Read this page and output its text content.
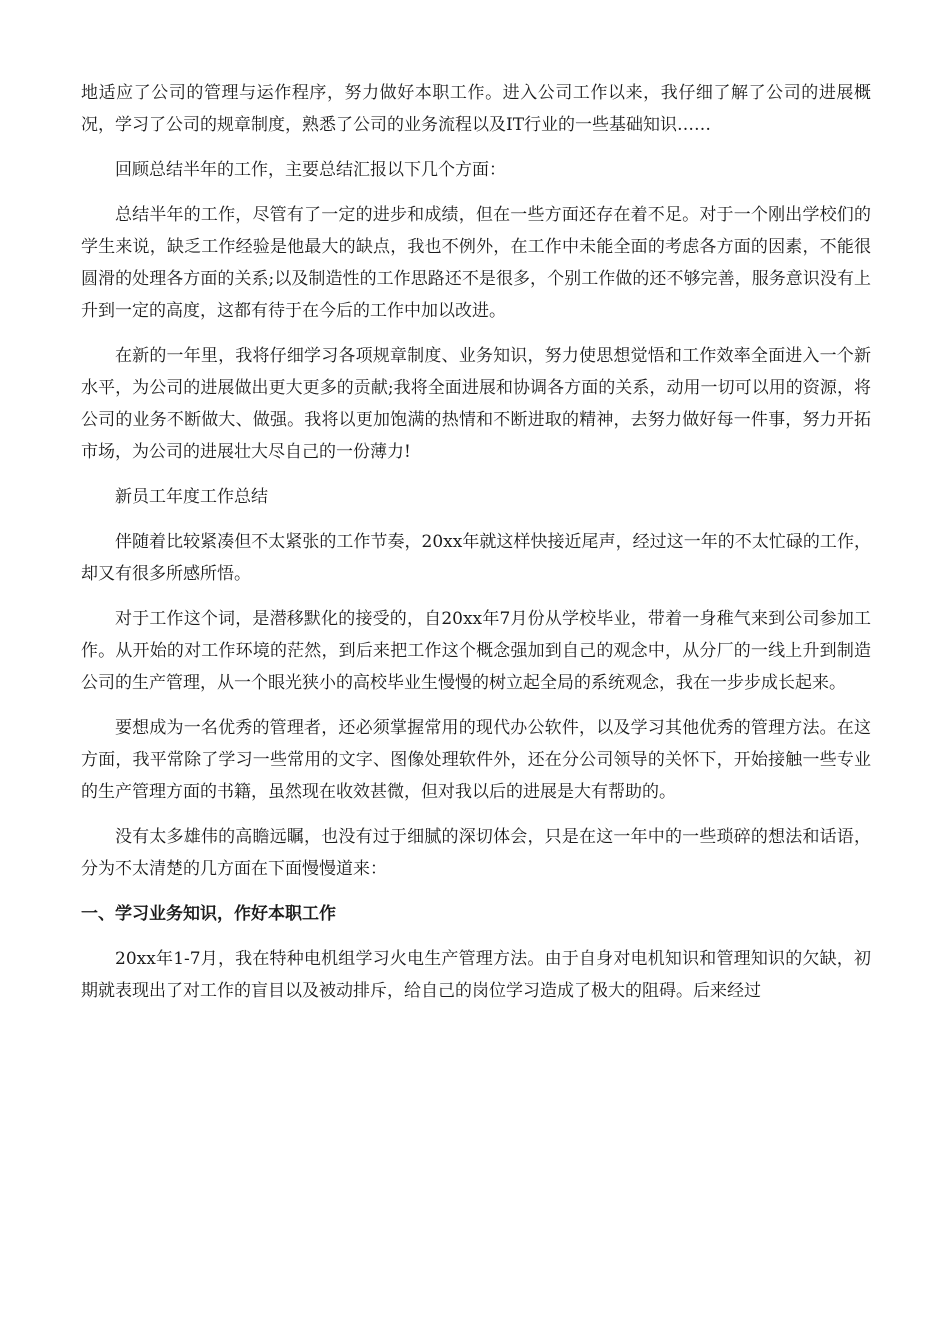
地适应了公司的管理与运作程序，努力做好本职工作。进入公司工作以来，我仔细了解了公司的进展概况，学习了公司的规章制度，熟悉了公司的业务流程以及IT行业的一些基础知识……

回顾总结半年的工作，主要总结汇报以下几个方面：

总结半年的工作，尽管有了一定的进步和成绩，但在一些方面还存在着不足。对于一个刚出学校们的学生来说，缺乏工作经验是他最大的缺点，我也不例外，在工作中未能全面的考虑各方面的因素，不能很圆滑的处理各方面的关系;以及制造性的工作思路还不是很多，个别工作做的还不够完善，服务意识没有上升到一定的高度，这都有待于在今后的工作中加以改进。

在新的一年里，我将仔细学习各项规章制度、业务知识，努力使思想觉悟和工作效率全面进入一个新水平，为公司的进展做出更大更多的贡献;我将全面进展和协调各方面的关系，动用一切可以用的资源，将公司的业务不断做大、做强。我将以更加饱满的热情和不断进取的精神，去努力做好每一件事，努力开拓市场，为公司的进展壮大尽自己的一份薄力!

新员工年度工作总结

伴随着比较紧凑但不太紧张的工作节奏，20xx年就这样快接近尾声，经过这一年的不太忙碌的工作，却又有很多所感所悟。

对于工作这个词，是潜移默化的接受的，自20xx年7月份从学校毕业，带着一身稚气来到公司参加工作。从开始的对工作环境的茫然，到后来把工作这个概念强加到自己的观念中，从分厂的一线上升到制造公司的生产管理，从一个眼光狭小的高校毕业生慢慢的树立起全局的系统观念，我在一步步成长起来。

要想成为一名优秀的管理者，还必须掌握常用的现代办公软件，以及学习其他优秀的管理方法。在这方面，我平常除了学习一些常用的文字、图像处理软件外，还在分公司领导的关怀下，开始接触一些专业的生产管理方面的书籍，虽然现在收效甚微，但对我以后的进展是大有帮助的。

没有太多雄伟的高瞻远瞩，也没有过于细腻的深切体会，只是在这一年中的一些琐碎的想法和话语，分为不太清楚的几方面在下面慢慢道来：

一、学习业务知识，作好本职工作

20xx年1-7月，我在特种电机组学习火电生产管理方法。由于自身对电机知识和管理知识的欠缺，初期就表现出了对工作的盲目以及被动排斥，给自己的岗位学习造成了极大的阻碍。后来经过
